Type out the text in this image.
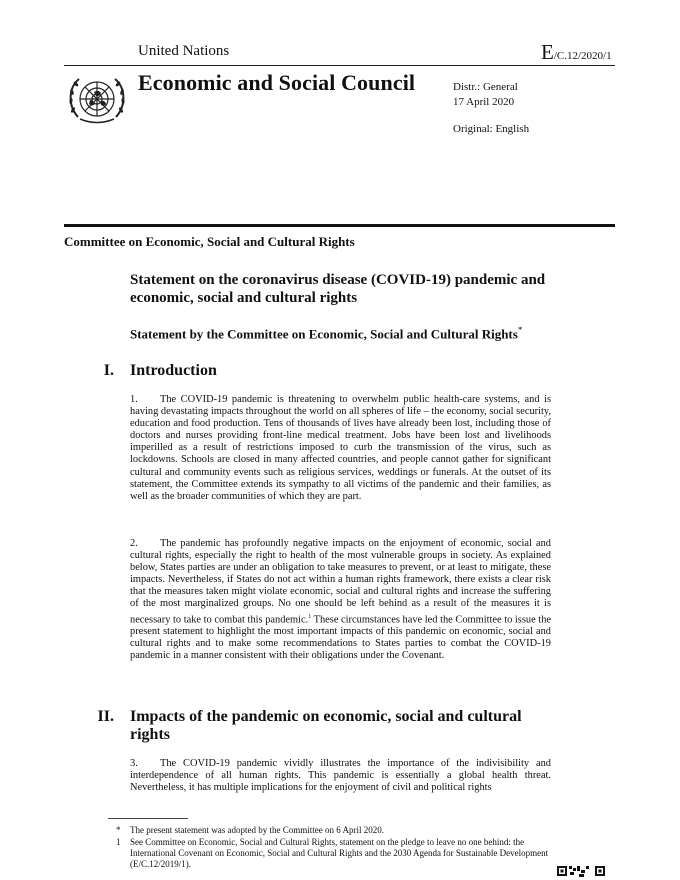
United Nations	E/C.12/2020/1
Economic and Social Council	Distr.: General
17 April 2020
Original: English
Committee on Economic, Social and Cultural Rights
Statement on the coronavirus disease (COVID-19) pandemic and economic, social and cultural rights
Statement by the Committee on Economic, Social and Cultural Rights*
I. Introduction
1. The COVID-19 pandemic is threatening to overwhelm public health-care systems, and is having devastating impacts throughout the world on all spheres of life – the economy, social security, education and food production. Tens of thousands of lives have already been lost, including those of doctors and nurses providing front-line medical treatment. Jobs have been lost and livelihoods imperilled as a result of restrictions imposed to curb the transmission of the virus, such as lockdowns. Schools are closed in many affected countries, and people cannot gather for significant cultural and community events such as religious services, weddings or funerals. At the outset of its statement, the Committee extends its sympathy to all victims of the pandemic and their families, as well as the broader communities of which they are part.
2. The pandemic has profoundly negative impacts on the enjoyment of economic, social and cultural rights, especially the right to health of the most vulnerable groups in society. As explained below, States parties are under an obligation to take measures to prevent, or at least to mitigate, these impacts. Nevertheless, if States do not act within a human rights framework, there exists a clear risk that the measures taken might violate economic, social and cultural rights and increase the suffering of the most marginalized groups. No one should be left behind as a result of the measures it is necessary to take to combat this pandemic.$^1$ These circumstances have led the Committee to issue the present statement to highlight the most important impacts of this pandemic on economic, social and cultural rights and to make some recommendations to States parties to combat the COVID-19 pandemic in a manner consistent with their obligations under the Covenant.
II. Impacts of the pandemic on economic, social and cultural rights
3. The COVID-19 pandemic vividly illustrates the importance of the indivisibility and interdependence of all human rights. This pandemic is essentially a global health threat. Nevertheless, it has multiple implications for the enjoyment of civil and political rights
* The present statement was adopted by the Committee on 6 April 2020.
1 See Committee on Economic, Social and Cultural Rights, statement on the pledge to leave no one behind: the International Covenant on Economic, Social and Cultural Rights and the 2030 Agenda for Sustainable Development (E/C.12/2019/1).
